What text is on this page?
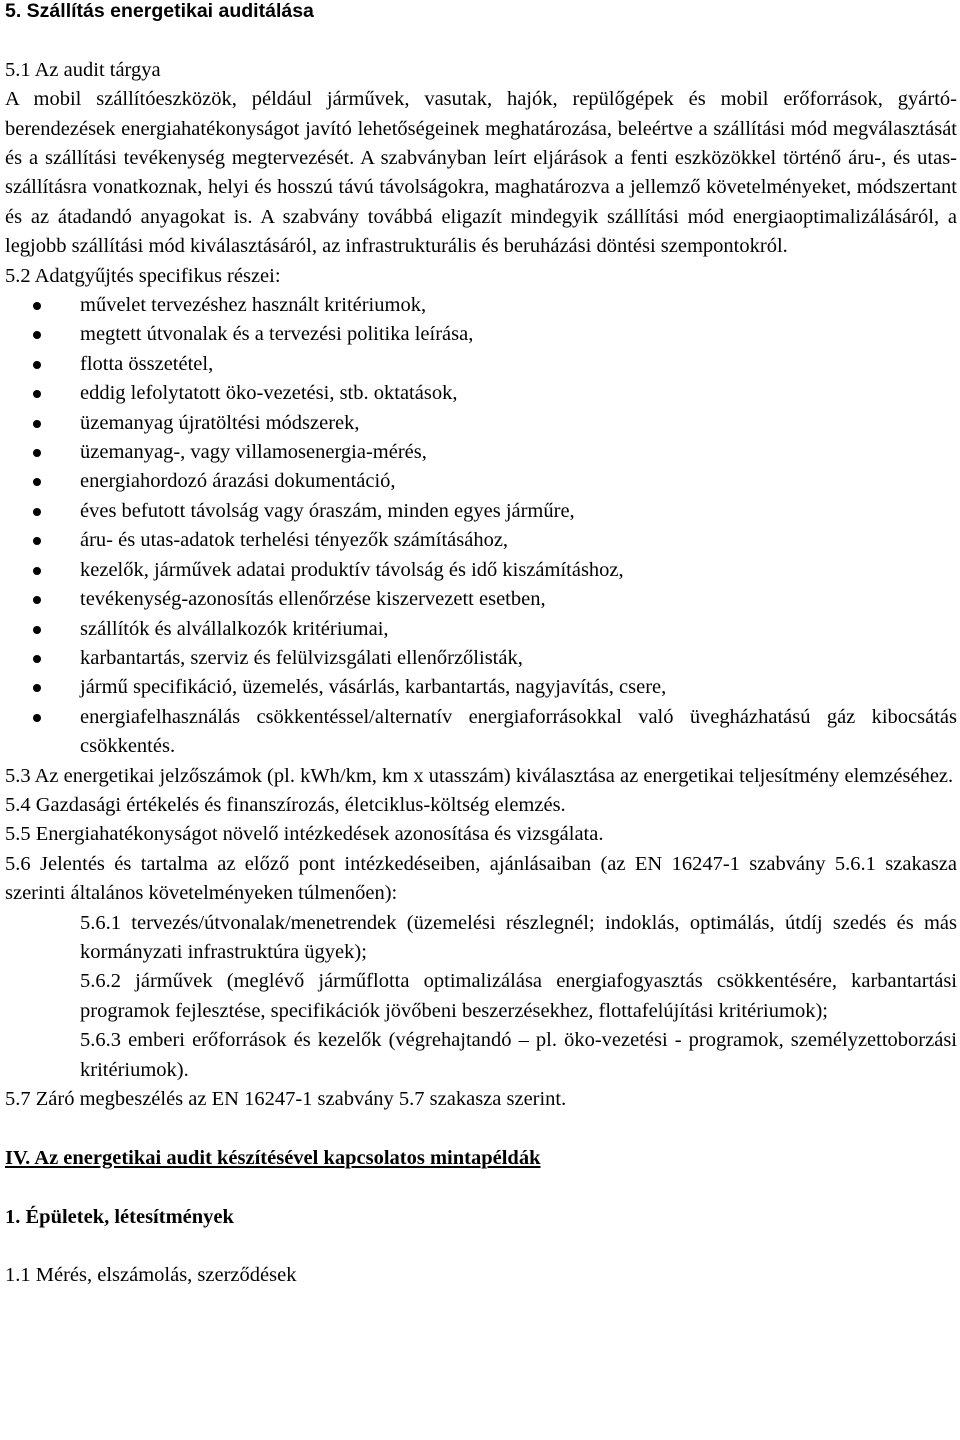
5. Szállítás energetikai auditálása
5.1 Az audit tárgya
A mobil szállítóeszközök, például járművek, vasutak, hajók, repülőgépek és mobil erőforrások, gyártó-berendezések energiahatékonyságot javító lehetőségeinek meghatározása, beleértve a szállítási mód megválasztását és a szállítási tevékenység megtervezését. A szabványban leírt eljárások a fenti eszközökkel történő áru-, és utas-szállításra vonatkoznak, helyi és hosszú távú távolságokra, maghatározva a jellemző követelményeket, módszertant és az átadandó anyagokat is. A szabvány továbbá eligazít mindegyik szállítási mód energiaoptimalizálásáról, a legjobb szállítási mód kiválasztásáról, az infrastrukturális és beruházási döntési szempontokról.
5.2 Adatgyűjtés specifikus részei:
művelet tervezéshez használt kritériumok,
megtett útvonalak és a tervezési politika leírása,
flotta összetétel,
eddig lefolytatott öko-vezetési, stb. oktatások,
üzemanyag újratöltési módszerek,
üzemanyag-, vagy villamosenergia-mérés,
energiahordozó árazási dokumentáció,
éves befutott távolság vagy óraszám, minden egyes járműre,
áru- és utas-adatok terhelési tényezők számításához,
kezelők, járművek adatai produktív távolság és idő kiszámításhoz,
tevékenység-azonosítás ellenőrzése kiszervezett esetben,
szállítók és alvállalkozók kritériumai,
karbantartás, szerviz és felülvizsgálati ellenőrzőlisták,
jármű specifikáció, üzemelés, vásárlás, karbantartás, nagyjavítás, csere,
energiafelhasználás csökkentéssel/alternatív energiaforrásokkal való üvegházhatású gáz kibocsátás csökkentés.
5.3 Az energetikai jelzőszámok (pl. kWh/km, km x utasszám) kiválasztása az energetikai teljesítmény elemzéséhez.
5.4 Gazdasági értékelés és finanszírozás, életciklus-költség elemzés.
5.5 Energiahatékonyságot növelő intézkedések azonosítása és vizsgálata.
5.6 Jelentés és tartalma az előző pont intézkedéseiben, ajánlásaiban (az EN 16247-1 szabvány 5.6.1 szakasza szerinti általános követelményeken túlmenően):
5.6.1 tervezés/útvonalak/menetrendek (üzemelési részlegnél; indoklás, optimálás, útdíj szedés és más kormányzati infrastruktúra ügyek);
5.6.2 járművek (meglévő járműflotta optimalizálása energiafogyasztás csökkentésére, karbantartási programok fejlesztése, specifikációk jövőbeni beszerzésekhez, flottafelújítási kritériumok);
5.6.3 emberi erőforrások és kezelők (végrehajtandó – pl. öko-vezetési - programok, személyzettoborzási kritériumok).
5.7 Záró megbeszélés az EN 16247-1 szabvány 5.7 szakasza szerint.
IV. Az energetikai audit készítésével kapcsolatos mintapéldák
1. Épületek, létesítmények
1.1 Mérés, elszámolás, szerződések
